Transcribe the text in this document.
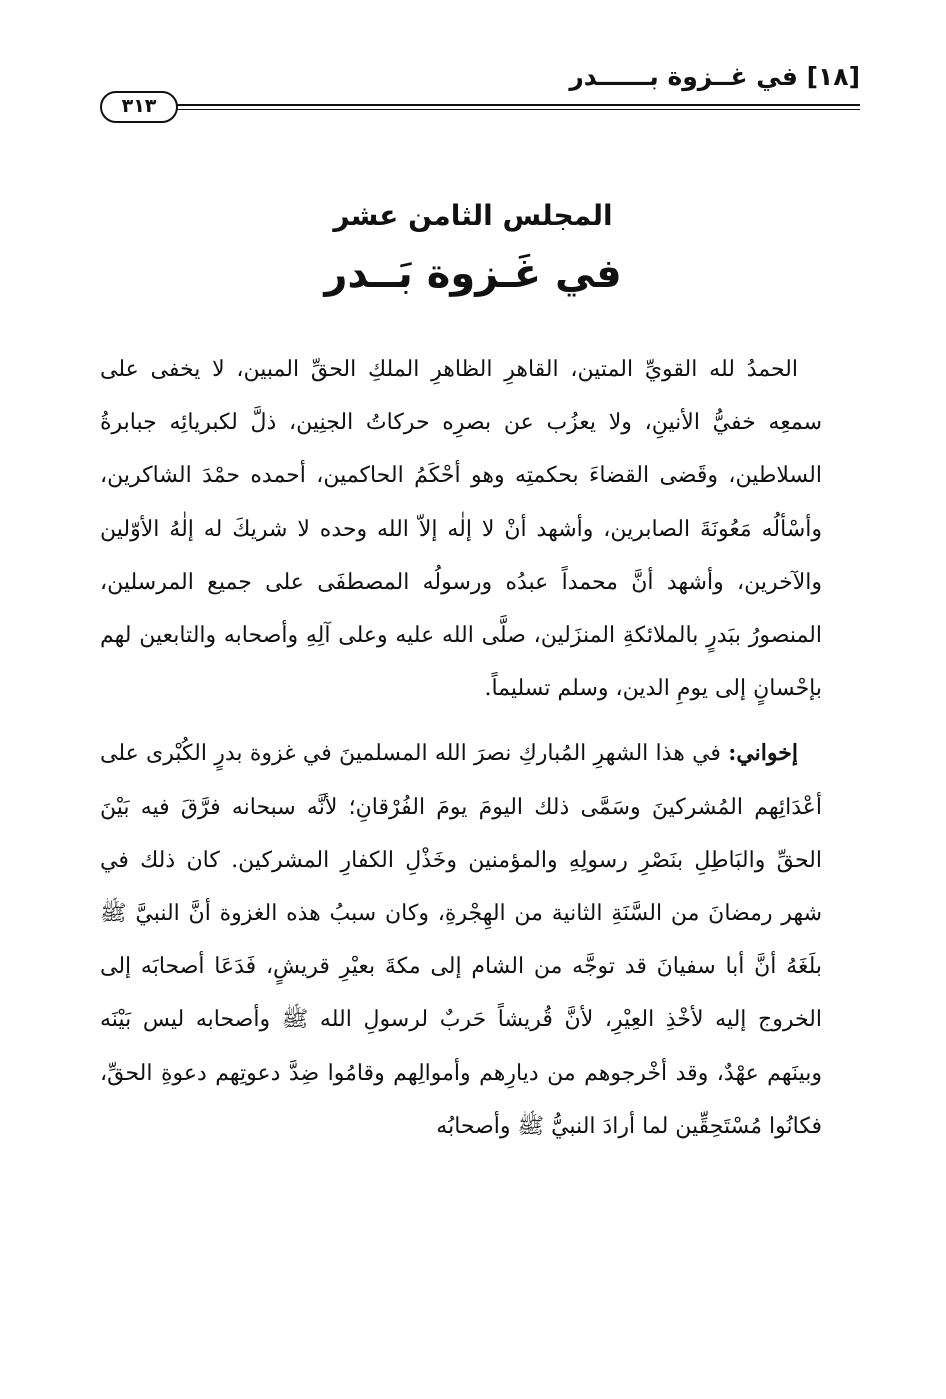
[١٨] في غــزوة بــــــدر
٣١٣
المجلس الثامن عشر
في غَـزوة بَــدر

الحمدُ لله القويِّ المتين، القاهرِ الظاهرِ الملكِ الحقِّ المبين، لا يخفى على سمعِه خفيُّ الأنينِ، ولا يعزُب عن بصرِه حركاتُ الجنِين، ذلَّ لكبريائِه جبابرةُ السلاطين، وقَضى القضاءَ بحكمتِه وهو أحْكَمُ الحاكمين، أحمده حمْدَ الشاكرين، وأسْألُه مَعُونَةَ الصابرين، وأشهد أنْ لا إلٰه إلاّ الله وحده لا شريكَ له إلٰهُ الأوّلين والآخرين، وأشهد أنَّ محمداً عبدُه ورسولُه المصطفَى على جميع المرسلين، المنصورُ ببَدرٍ بالملائكةِ المنزَلين، صلَّى الله عليه وعلى آلِهِ وأصحابه والتابعين لهم بإحْسانٍ إلى يومِ الدين، وسلم تسليماً.

إخواني: في هذا الشهرِ المُباركِ نصرَ الله المسلمينَ في غزوة بدرٍ الكُبْرى على أعْدَائِهم المُشركينَ وسَمَّى ذلك اليومَ يومَ الفُرْقانِ؛ لأنَّه سبحانه فرَّقَ فيه بَيْنَ الحقِّ والبَاطِلِ بنَصْرِ رسولِهِ والمؤمنين وخَذْلِ الكفارِ المشركين. كان ذلك في شهر رمضانَ من السَّنَةِ الثانية من الهِجْرةِ، وكان سببُ هذه الغزوة أنَّ النبيَّ ﷺ بلَغَهُ أنَّ أبا سفيانَ قد توجَّه من الشام إلى مكةَ بعيْرِ قريشٍ، فَدَعَا أصحابَه إلى الخروج إليه لأخْذِ العِيْرِ، لأنَّ قُريشاً حَربٌ لرسولِ الله ﷺ وأصحابه ليس بَيْنَه وبينَهم عهْدٌ، وقد أخْرجوهم من ديارِهم وأموالِهم وقامُوا ضِدَّ دعوتِهم دعوةِ الحقِّ، فكانُوا مُسْتَحِقِّين لما أرادَ النبيُّ ﷺ وأصحابُه
